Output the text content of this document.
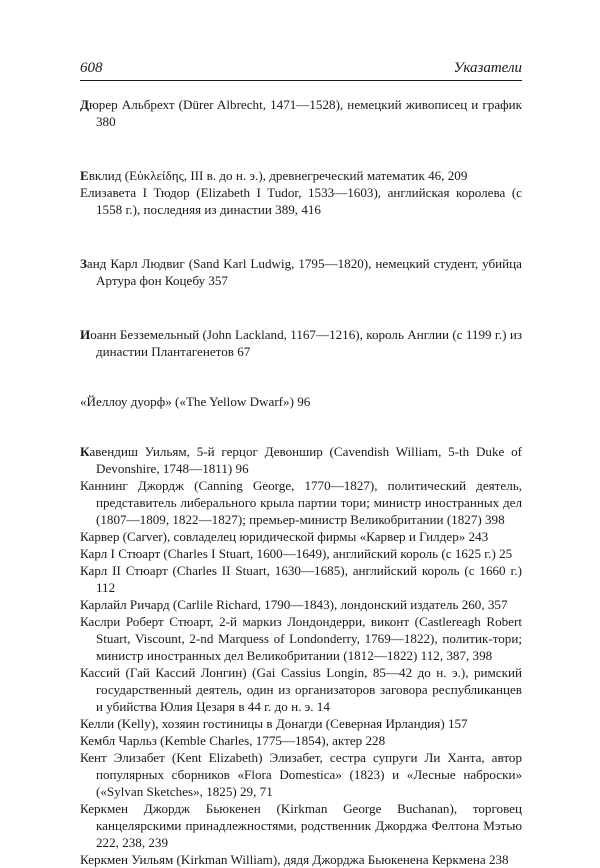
608	Указатели

Дюрер Альбрехт (Dürer Albrecht, 1471—1528), немецкий живописец и график 380

Евклид (Εὐκλείδης, III в. до н. э.), древнегреческий математик 46, 209

Елизавета I Тюдор (Elizabeth I Tudor, 1533—1603), английская королева (с 1558 г.), последняя из династии 389, 416

Занд Карл Людвиг (Sand Karl Ludwig, 1795—1820), немецкий студент, убийца Артура фон Коцебу 357

Иоанн Безземельный (John Lackland, 1167—1216), король Англии (с 1199 г.) из династии Плантагенетов 67

«Йеллоу дуорф» («The Yellow Dwarf») 96

Кавендиш Уильям, 5-й герцог Девоншир (Cavendish William, 5-th Duke of Devonshire, 1748—1811) 96

Каннинг Джордж (Canning George, 1770—1827), политический деятель, представитель либерального крыла партии тори; министр иностранных дел (1807—1809, 1822—1827); премьер-министр Великобритании (1827) 398

Карвер (Carver), совладелец юридической фирмы «Карвер и Гилдер» 243

Карл I Стюарт (Charles I Stuart, 1600—1649), английский король (с 1625 г.) 25

Карл II Стюарт (Charles II Stuart, 1630—1685), английский король (с 1660 г.) 112

Карлайл Ричард (Carlile Richard, 1790—1843), лондонский издатель 260, 357

Каслри Роберт Стюарт, 2-й маркиз Лондондерри, виконт (Castlereagh Robert Stuart, Viscount, 2-nd Marquess of Londonderry, 1769—1822), политик-тори; министр иностранных дел Великобритании (1812—1822) 112, 387, 398

Кассий (Гай Кассий Лонгин) (Gai Cassius Longin, 85—42 до н. э.), римский государственный деятель, один из организаторов заговора республиканцев и убийства Юлия Цезаря в 44 г. до н. э. 14

Келли (Kelly), хозяин гостиницы в Донагди (Северная Ирландия) 157

Кембл Чарльз (Kemble Charles, 1775—1854), актер 228

Кент Элизабет (Kent Elizabeth) Элизабет, сестра супруги Ли Ханта, автор популярных сборников «Flora Domestica» (1823) и «Лесные наброски» («Sylvan Sketches», 1825) 29, 71

Керкмен Джордж Бьюкенен (Kirkman George Buchanan), торговец канцелярскими принадлежностями, родственник Джорджа Фелтона Мэтью 222, 238, 239

Керкмен Уильям (Kirkman William), дядя Джорджа Бьюкенена Керкмена 238
